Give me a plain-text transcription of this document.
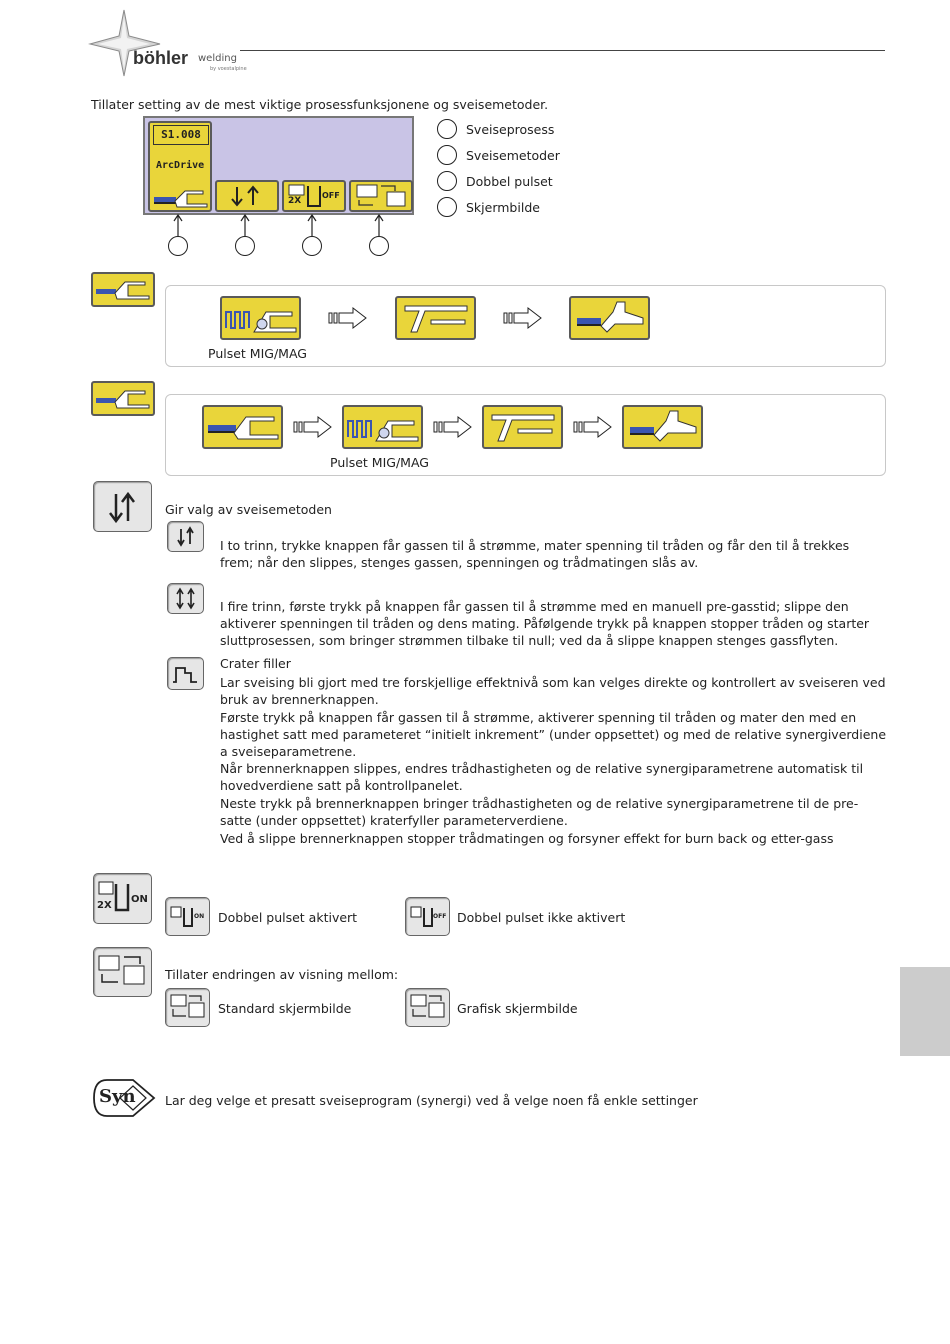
böhler welding
by voestalpine
Tillater setting av de mest viktige prosessfunksjonene og sveisemetoder.
S1.008
ArcDrive
2X
OFF
Sveiseprosess
Sveisemetoder
Dobbel pulset
Skjermbilde
Pulset MIG/MAG
Pulset MIG/MAG
Gir valg av sveisemetoden
I to trinn, trykke knappen får gassen til å strømme, mater spenning til tråden og får den til å trekkes frem; når den slippes, stenges gassen, spenningen og trådmatingen slås av.
I fire trinn, første trykk på knappen får gassen til å strømme med en manuell pre-gasstid; slippe den aktiverer spenningen til tråden og dens mating. Påfølgende trykk på knappen stopper tråden og starter sluttprosessen, som bringer strømmen tilbake til null; ved da å slippe knappen stenges gassflyten.
Crater filler
Lar sveising bli gjort med tre forskjellige effektnivå som kan velges direkte og kontrollert av sveiseren ved bruk av brennerknappen.
Første trykk på knappen får gassen til å strømme, aktiverer spenning til tråden og mater den med en hastighet satt med parameteret “initielt inkrement” (under oppsettet) og med de relative synergiverdiene a sveiseparametrene.
Når brennerknappen slippes, endres trådhastigheten og de relative synergiparametrene automatisk til hovedverdiene satt på kontrollpanelet.
Neste trykk på brennerknappen bringer trådhastigheten og de relative synergiparametrene til de pre-satte (under oppsettet) kraterfyller parameterverdiene.
Ved å slippe brennerknappen stopper trådmatingen og forsyner effekt for burn back og etter-gass
2X
ON
ON Dobbel pulset aktivert	OFF Dobbel pulset ikke aktivert
Tillater endringen av visning mellom:
Standard skjermbilde	Grafisk skjermbilde
Syn Lar deg velge et presatt sveiseprogram (synergi) ved å velge noen få enkle settinger
